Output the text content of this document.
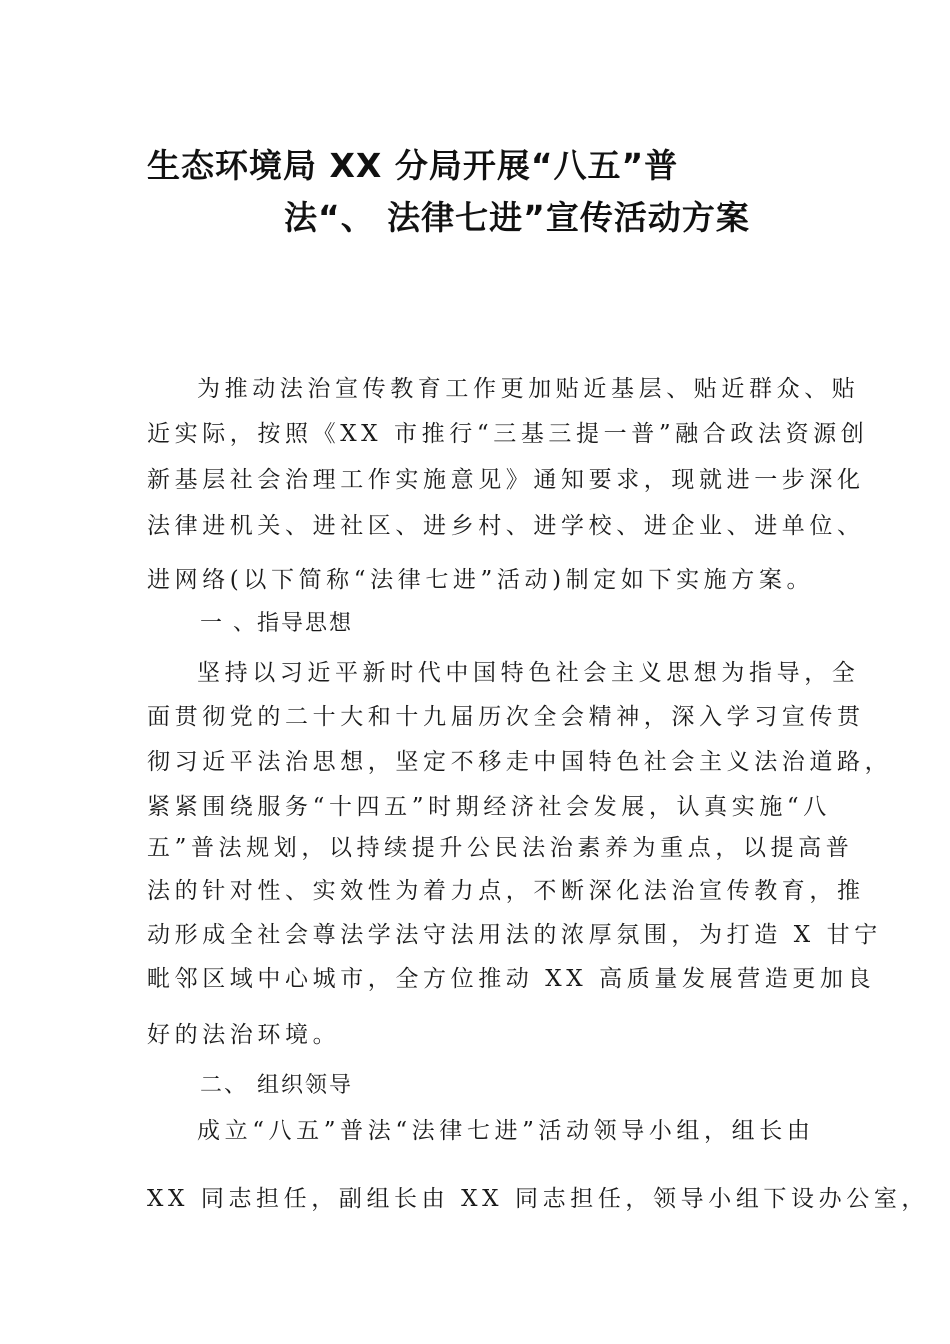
生态环境局 XX 分局开展“八五”普
法“、 法律七进”宣传活动方案
为推动法治宣传教育工作更加贴近基层、贴近群众、贴
近实际，按照《XX 市推行“三基三提一普”融合政法资源创
新基层社会治理工作实施意见》通知要求，现就进一步深化
法律进机关、进社区、进乡村、进学校、进企业、进单位、
进网络(以下简称“法律七进”活动)制定如下实施方案。
一 、指导思想
坚持以习近平新时代中国特色社会主义思想为指导，全
面贯彻党的二十大和十九届历次全会精神，深入学习宣传贯
彻习近平法治思想，坚定不移走中国特色社会主义法治道路，
紧紧围绕服务“十四五”时期经济社会发展，认真实施“八
五”普法规划，以持续提升公民法治素养为重点，以提高普
法的针对性、实效性为着力点，不断深化法治宣传教育，推
动形成全社会尊法学法守法用法的浓厚氛围，为打造 X 甘宁
毗邻区域中心城市，全方位推动 XX 高质量发展营造更加良
好的法治环境。
二、 组织领导
成立“八五”普法“法律七进”活动领导小组，组长由
XX 同志担任，副组长由 XX 同志担任，领导小组下设办公室，
